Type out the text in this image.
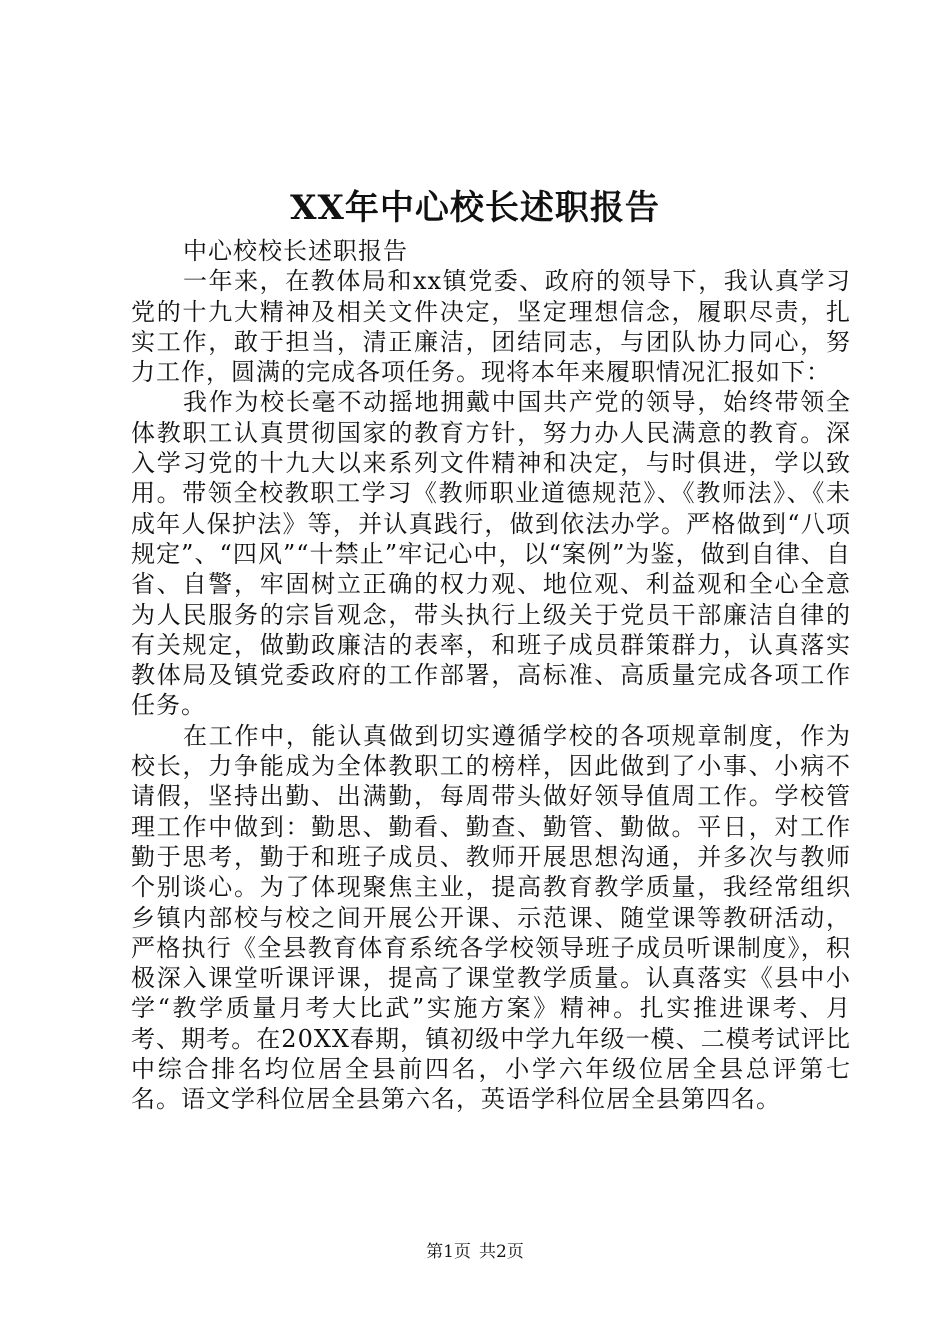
XX年中心校长述职报告

中心校校长述职报告

一年来，在教体局和xx镇党委、政府的领导下，我认真学习党的十九大精神及相关文件决定，坚定理想信念，履职尽责，扎实工作，敢于担当，清正廉洁，团结同志，与团队协力同心，努力工作，圆满的完成各项任务。现将本年来履职情况汇报如下：

我作为校长毫不动摇地拥戴中国共产党的领导，始终带领全体教职工认真贯彻国家的教育方针，努力办人民满意的教育。深入学习党的十九大以来系列文件精神和决定，与时俱进，学以致用。带领全校教职工学习《教师职业道德规范》、《教师法》、《未成年人保护法》等，并认真践行，做到依法办学。严格做到“八项规定”、“四风”“十禁止”牢记心中，以“案例”为鉴，做到自律、自省、自警，牢固树立正确的权力观、地位观、利益观和全心全意为人民服务的宗旨观念，带头执行上级关于党员干部廉洁自律的有关规定，做勤政廉洁的表率，和班子成员群策群力，认真落实教体局及镇党委政府的工作部署，高标准、高质量完成各项工作任务。

在工作中，能认真做到切实遵循学校的各项规章制度，作为校长，力争能成为全体教职工的榜样，因此做到了小事、小病不请假，坚持出勤、出满勤，每周带头做好领导值周工作。学校管理工作中做到：勤思、勤看、勤查、勤管、勤做。平日，对工作勤于思考，勤于和班子成员、教师开展思想沟通，并多次与教师个别谈心。为了体现聚焦主业，提高教育教学质量，我经常组织乡镇内部校与校之间开展公开课、示范课、随堂课等教研活动，严格执行《全县教育体育系统各学校领导班子成员听课制度》，积极深入课堂听课评课，提高了课堂教学质量。认真落实《县中小学“教学质量月考大比武”实施方案》精神。扎实推进课考、月考、期考。在20XX春期，镇初级中学九年级一模、二模考试评比中综合排名均位居全县前四名，小学六年级位居全县总评第七名。语文学科位居全县第六名，英语学科位居全县第四名。

第1页 共2页
